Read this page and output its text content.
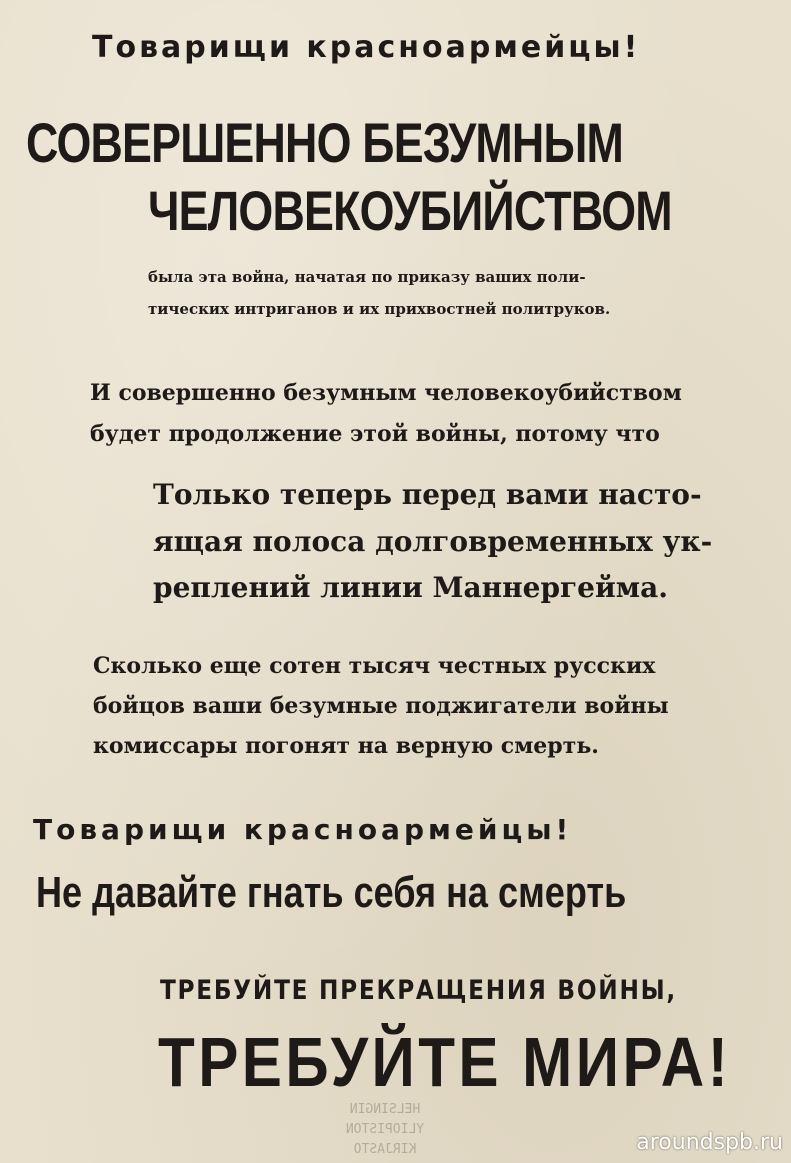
Товарищи красноармейцы!
СОВЕРШЕННО БЕЗУМНЫМ
ЧЕЛОВЕКОУБИЙСТВОМ
была эта война, начатая по приказу ваших поли-
тических интриганов и их прихвостней политруков.
И совершенно безумным человекоубийством
будет продолжение этой войны, потому что
Только теперь перед вами насто-
ящая полоса долговременных ук-
реплений линии Маннергейма.
Сколько еще сотен тысяч честных русских
бойцов ваши безумные поджигатели войны
комиссары погонят на верную смерть.
Товарищи красноармейцы!
Не давайте гнать себя на смерть
ТРЕБУЙТЕ ПРЕКРАЩЕНИЯ ВОЙНЫ,
ТРЕБУЙТЕ МИРА!
HELSINGIN
YLIOPISTON
KIRJASTO	aroundspb.ru
